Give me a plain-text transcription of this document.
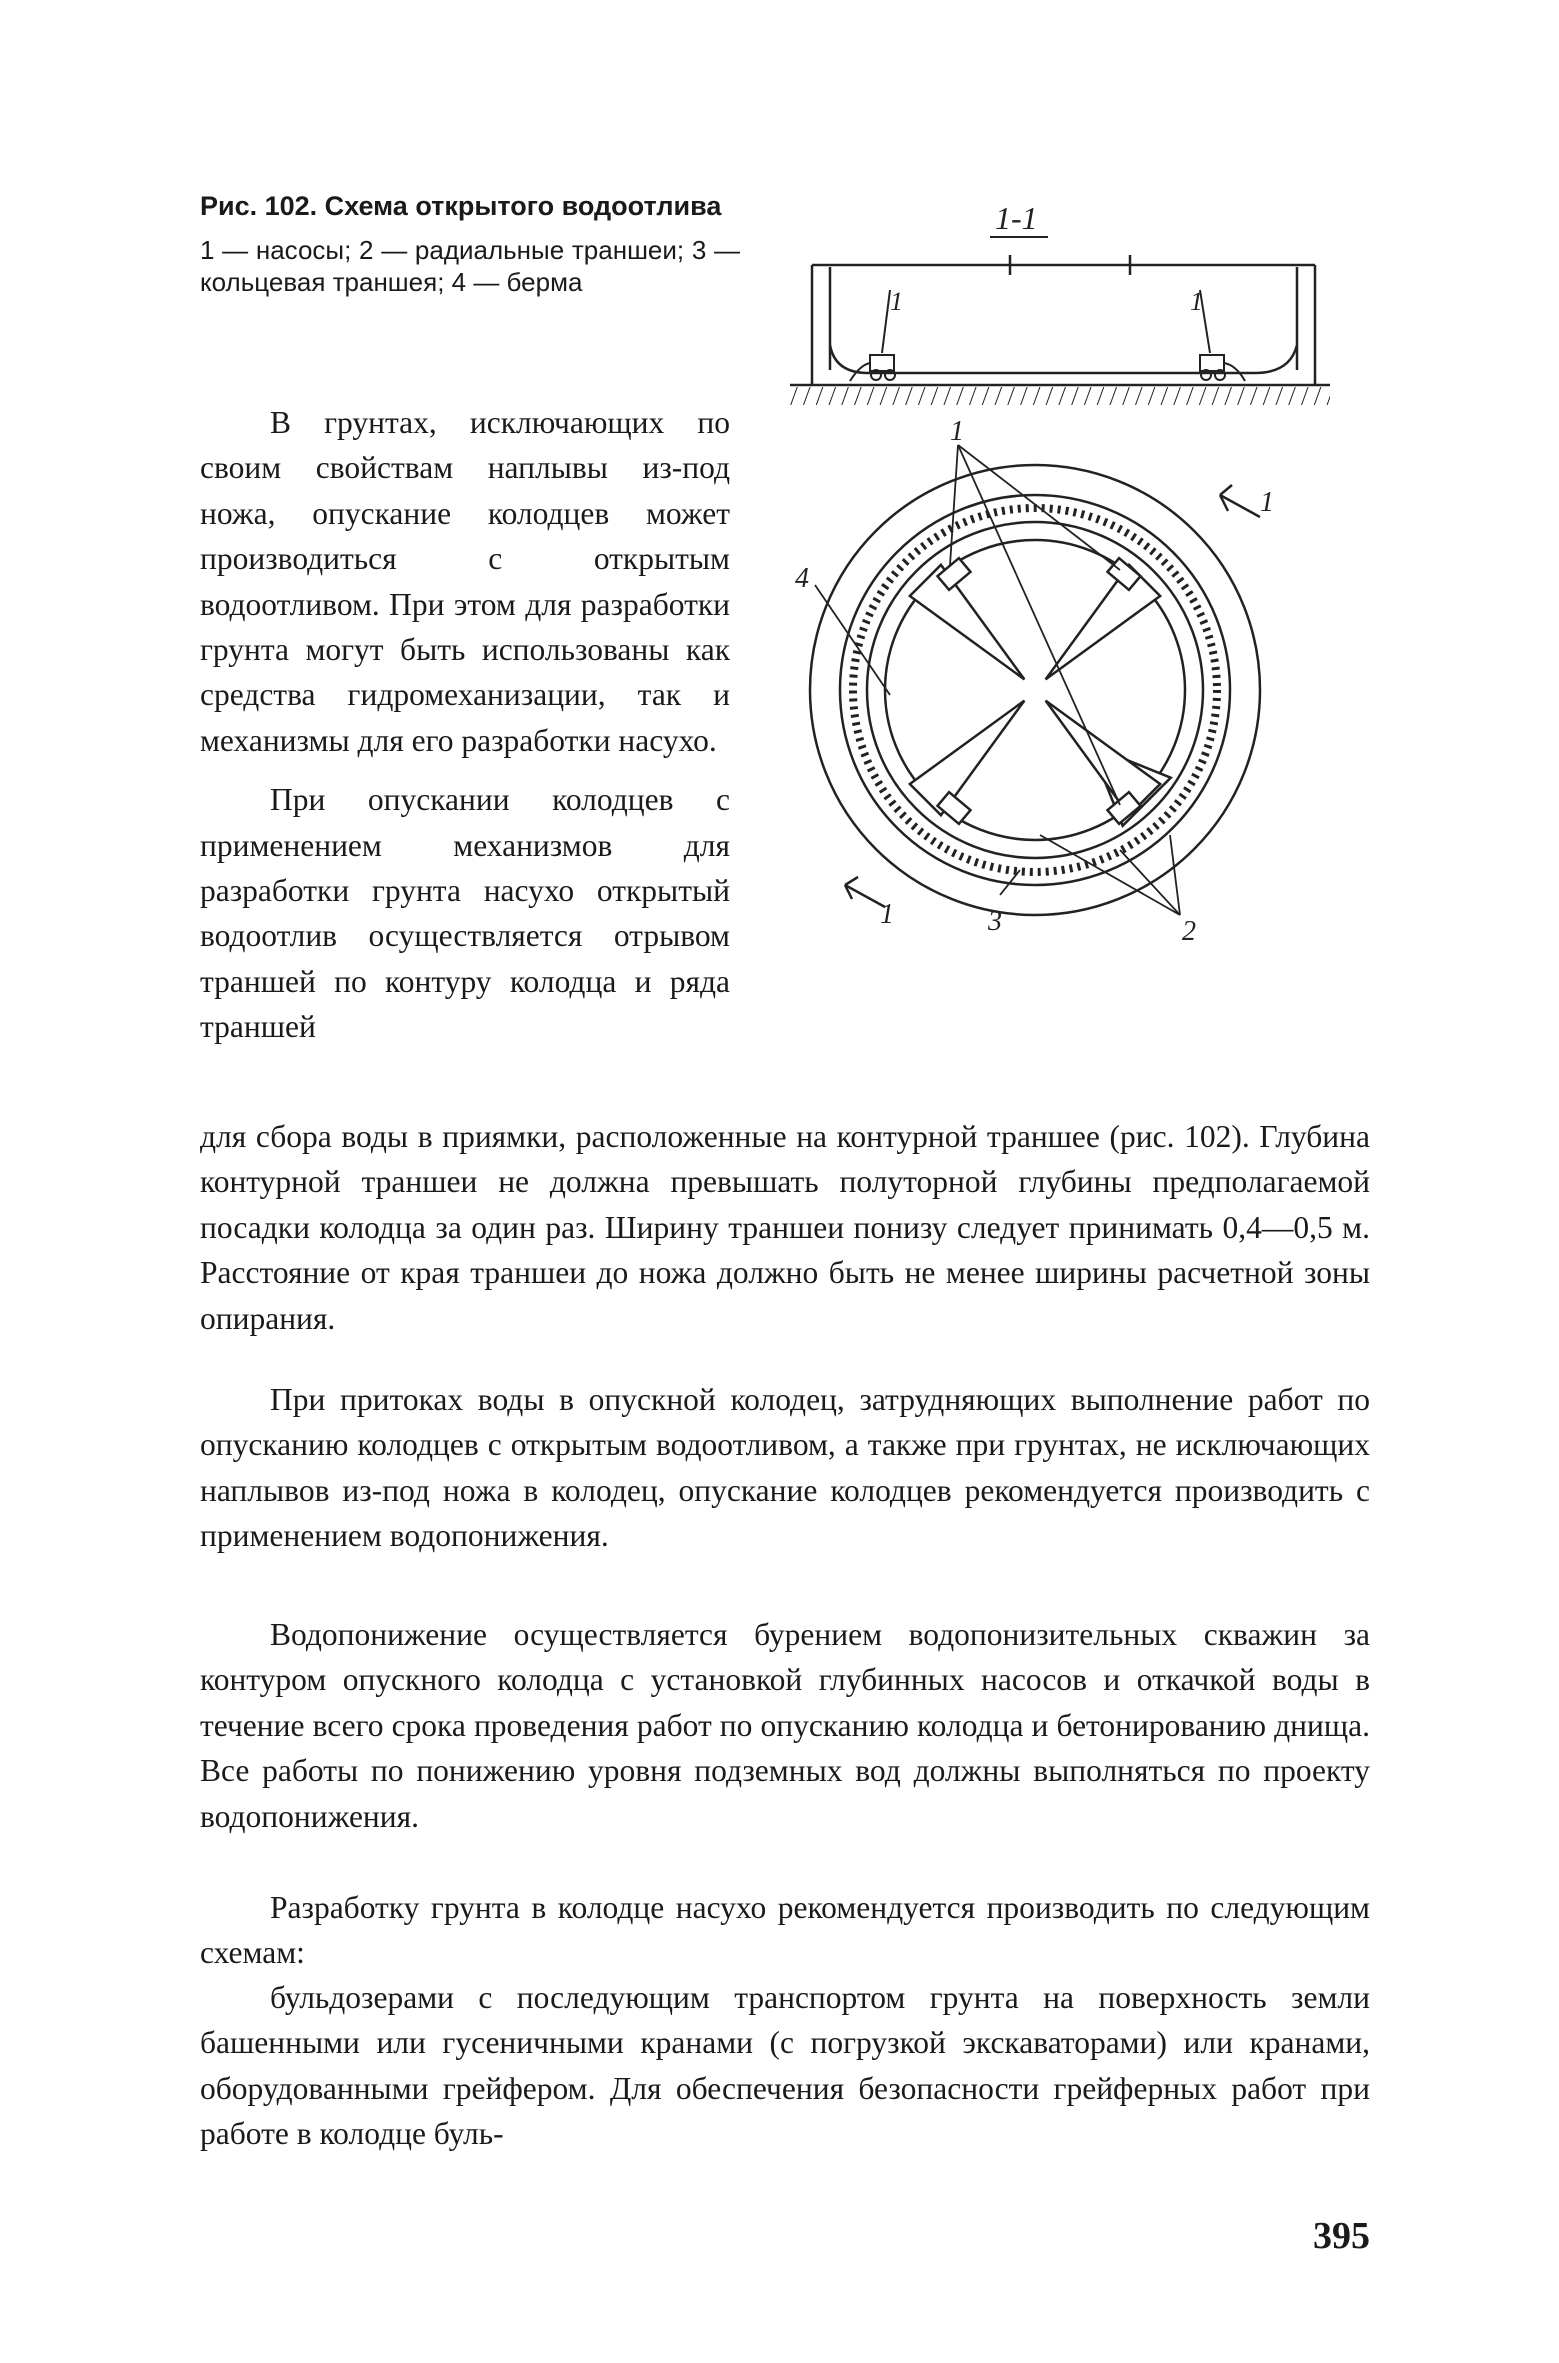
Рис. 102. Схема открытого водоотлива

1 — насосы; 2 — радиальные траншеи; 3 — кольцевая траншея; 4 — берма

1-1
1	1
1
4
3	2
1
1

В грунтах, исключающих по своим свойствам наплывы из-под ножа, опускание колодцев может производиться с открытым водоотливом. При этом для разработки грунта могут быть использованы как средства гидромеханизации, так и механизмы для его разработки насухо.

При опускании колодцев с применением механизмов для разработки грунта насухо открытый водоотлив осуществляется отрывом траншей по контуру колодца и ряда траншей

для сбора воды в приямки, расположенные на контурной траншее (рис. 102). Глубина контурной траншеи не должна превышать полуторной глубины предполагаемой посадки колодца за один раз. Ширину траншеи понизу следует принимать 0,4—0,5 м. Расстояние от края траншеи до ножа должно быть не менее ширины расчетной зоны опирания.

При притоках воды в опускной колодец, затрудняющих выполнение работ по опусканию колодцев с открытым водоотливом, а также при грунтах, не исключающих наплывов из-под ножа в колодец, опускание колодцев рекомендуется производить с применением водопонижения.

Водопонижение осуществляется бурением водопонизительных скважин за контуром опускного колодца с установкой глубинных насосов и откачкой воды в течение всего срока проведения работ по опусканию колодца и бетонированию днища. Все работы по понижению уровня подземных вод должны выполняться по проекту водопонижения.

Разработку грунта в колодце насухо рекомендуется производить по следующим схемам:

бульдозерами с последующим транспортом грунта на поверхность земли башенными или гусеничными кранами (с погрузкой экскаваторами) или кранами, оборудованными грейфером. Для обеспечения безопасности грейферных работ при работе в колодце буль-

395
